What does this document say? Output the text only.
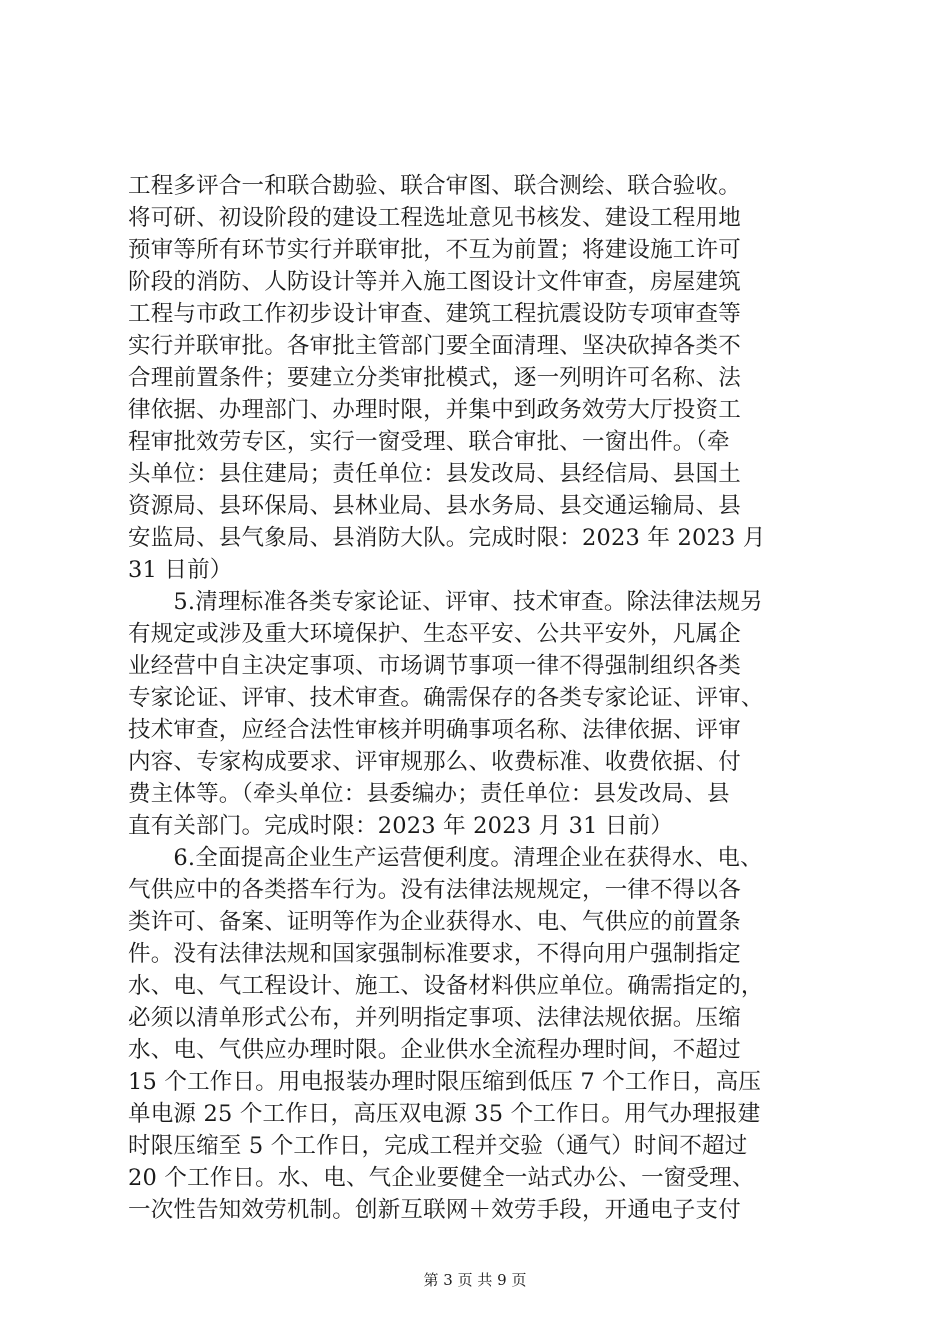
工程多评合一和联合勘验、联合审图、联合测绘、联合验收。
将可研、初设阶段的建设工程选址意见书核发、建设工程用地
预审等所有环节实行并联审批，不互为前置；将建设施工许可
阶段的消防、人防设计等并入施工图设计文件审查，房屋建筑
工程与市政工作初步设计审查、建筑工程抗震设防专项审查等
实行并联审批。各审批主管部门要全面清理、坚决砍掉各类不
合理前置条件；要建立分类审批模式，逐一列明许可名称、法
律依据、办理部门、办理时限，并集中到政务效劳大厅投资工
程审批效劳专区，实行一窗受理、联合审批、一窗出件。（牵
头单位：县住建局；责任单位：县发改局、县经信局、县国土
资源局、县环保局、县林业局、县水务局、县交通运输局、县
安监局、县气象局、县消防大队。完成时限：2023 年 2023 月
31 日前）
　　5.清理标准各类专家论证、评审、技术审查。除法律法规另
有规定或涉及重大环境保护、生态平安、公共平安外，凡属企
业经营中自主决定事项、市场调节事项一律不得强制组织各类
专家论证、评审、技术审查。确需保存的各类专家论证、评审、
技术审查，应经合法性审核并明确事项名称、法律依据、评审
内容、专家构成要求、评审规那么、收费标准、收费依据、付
费主体等。（牵头单位：县委编办；责任单位：县发改局、县
直有关部门。完成时限：2023 年 2023 月 31 日前）
　　6.全面提高企业生产运营便利度。清理企业在获得水、电、
气供应中的各类搭车行为。没有法律法规规定，一律不得以各
类许可、备案、证明等作为企业获得水、电、气供应的前置条
件。没有法律法规和国家强制标准要求，不得向用户强制指定
水、电、气工程设计、施工、设备材料供应单位。确需指定的，
必须以清单形式公布，并列明指定事项、法律法规依据。压缩
水、电、气供应办理时限。企业供水全流程办理时间，不超过
15 个工作日。用电报装办理时限压缩到低压 7 个工作日，高压
单电源 25 个工作日，高压双电源 35 个工作日。用气办理报建
时限压缩至 5 个工作日，完成工程并交验（通气）时间不超过
20 个工作日。水、电、气企业要健全一站式办公、一窗受理、
一次性告知效劳机制。创新互联网＋效劳手段，开通电子支付
第 3 页 共 9 页
